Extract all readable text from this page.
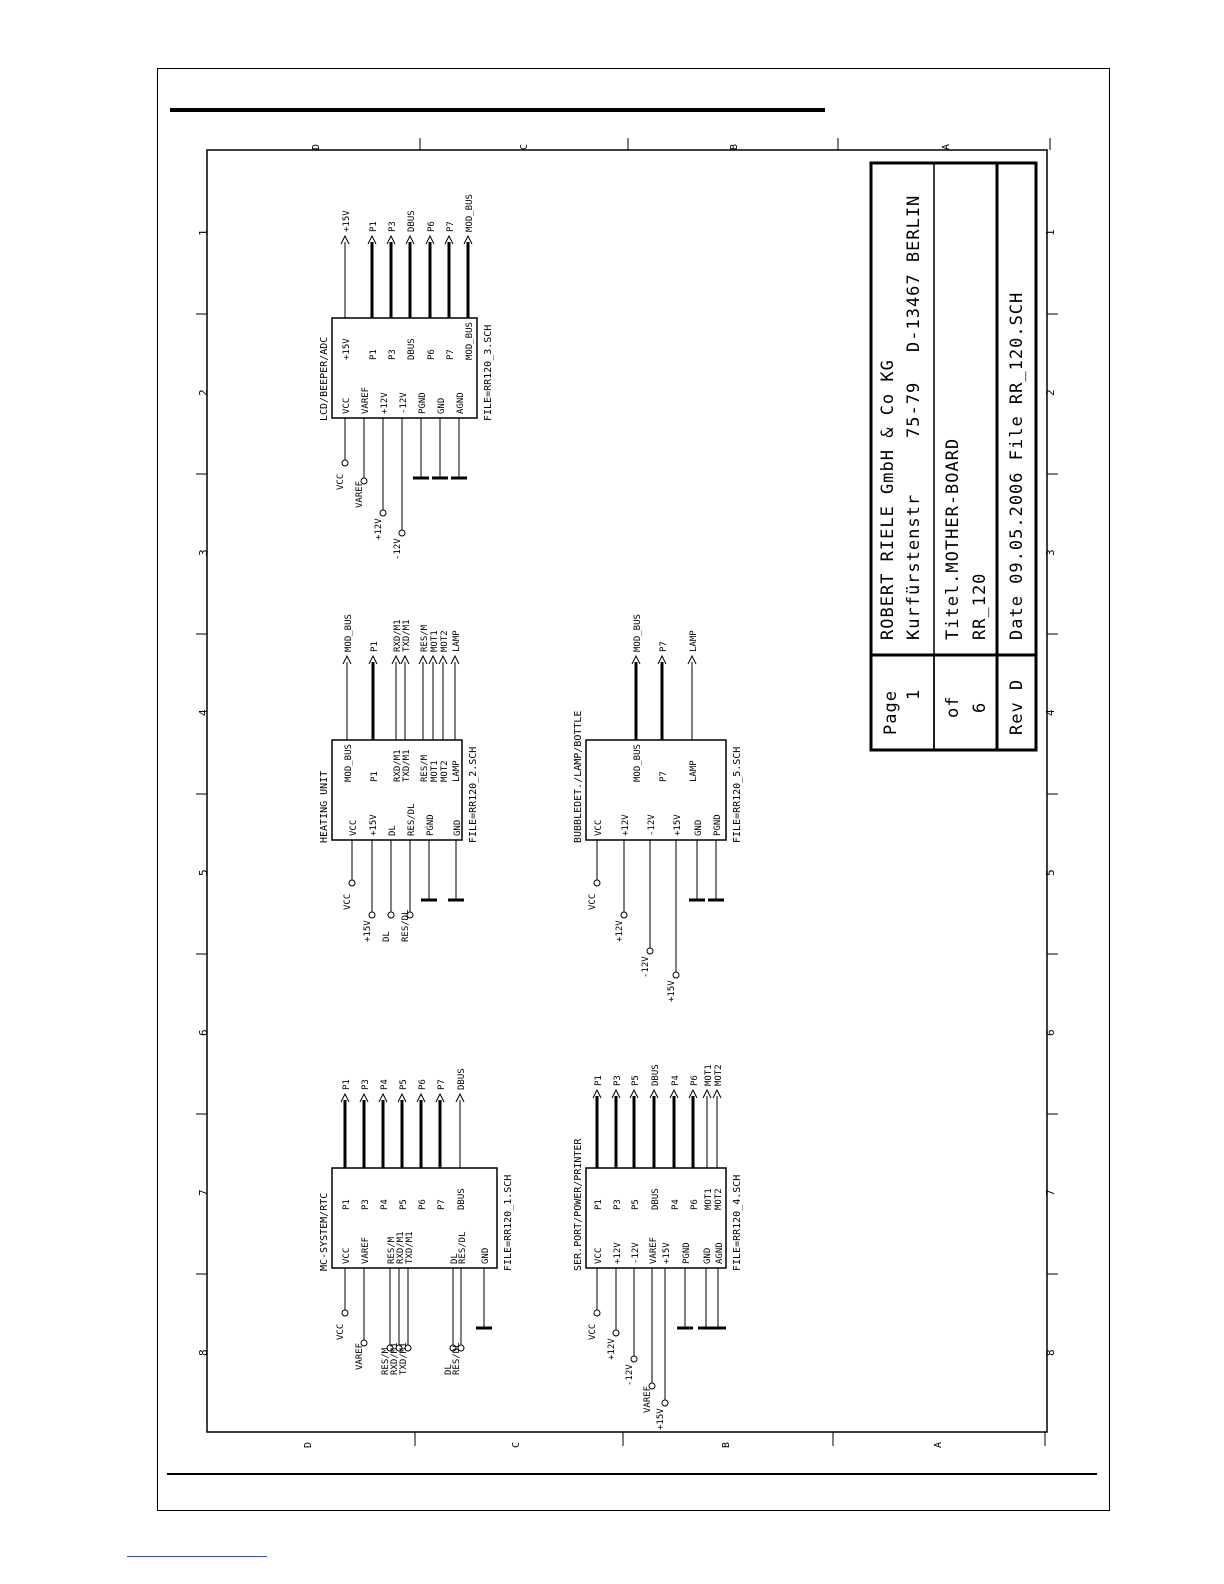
ROBERT RIELE GmbH & Co KG Kurfürstenstr
75-79
D-13467 BERLIN
Titel.MOTHER-BOARD RR_120 Date 09.05.2006 File RR_120.SCH
Page 1
of 6 Rev D
D	C	B	A
D	C	B	A
1	1
2	2
3	3
4	4
5	5
6	6
7	7
8	8
LCD/BEEPER/ADC	FILE=RR120_3.SCH
VCC
VCC
VAREF
VAREF
+12V
+12V
-12V
-12V
PGND GND AGND
+15V
+15V
P1
P1
P3
P3
DBUS
DBUS
P6
P6
P7
P7
MOD_BUS
MOD_BUS
HEATING UNIT	FILE=RR120_2.SCH
VCC
VCC
+15V
+15V
DL
DL
RES/DL
RES/DL
PGND GND
MOD_BUS
MOD_BUS
P1
P1
RXD/M1
RXD/M1
TXD/M1
TXD/M1
RES/M
RES/M
MOT1
MOT1
MOT2
MOT2
LAMP
LAMP
BUBBLEDET./LAMP/BOTTLE	FILE=RR120_5.SCH
VCC
VCC
+12V
+12V
-12V
-12V
+15V
+15V
GND PGND
MOD_BUS
MOD_BUS
P7
P7
LAMP
LAMP
MC-SYSTEM/RTC	FILE=RR120_1.SCH
VCC
VCC
VAREF
VAREF
RES/M
RES/M
RXD/M1
RXD/M1
TXD/M1
TXD/M1
DL
DL
RES/DL
RES/DL
GND
P1
P1
P3
P3
P4
P4
P5
P5
P6
P6
P7
P7
DBUS
DBUS
SER.PORT/POWER/PRINTER	FILE=RR120_4.SCH
VCC
VCC
+12V
+12V
-12V
-12V
VAREF
VAREF
+15V
+15V
PGND GND AGND
P1
P1
P3
P3
P5
P5
DBUS
DBUS
P4
P4
P6
P6
MOT1
MOT1
MOT2
MOT2
